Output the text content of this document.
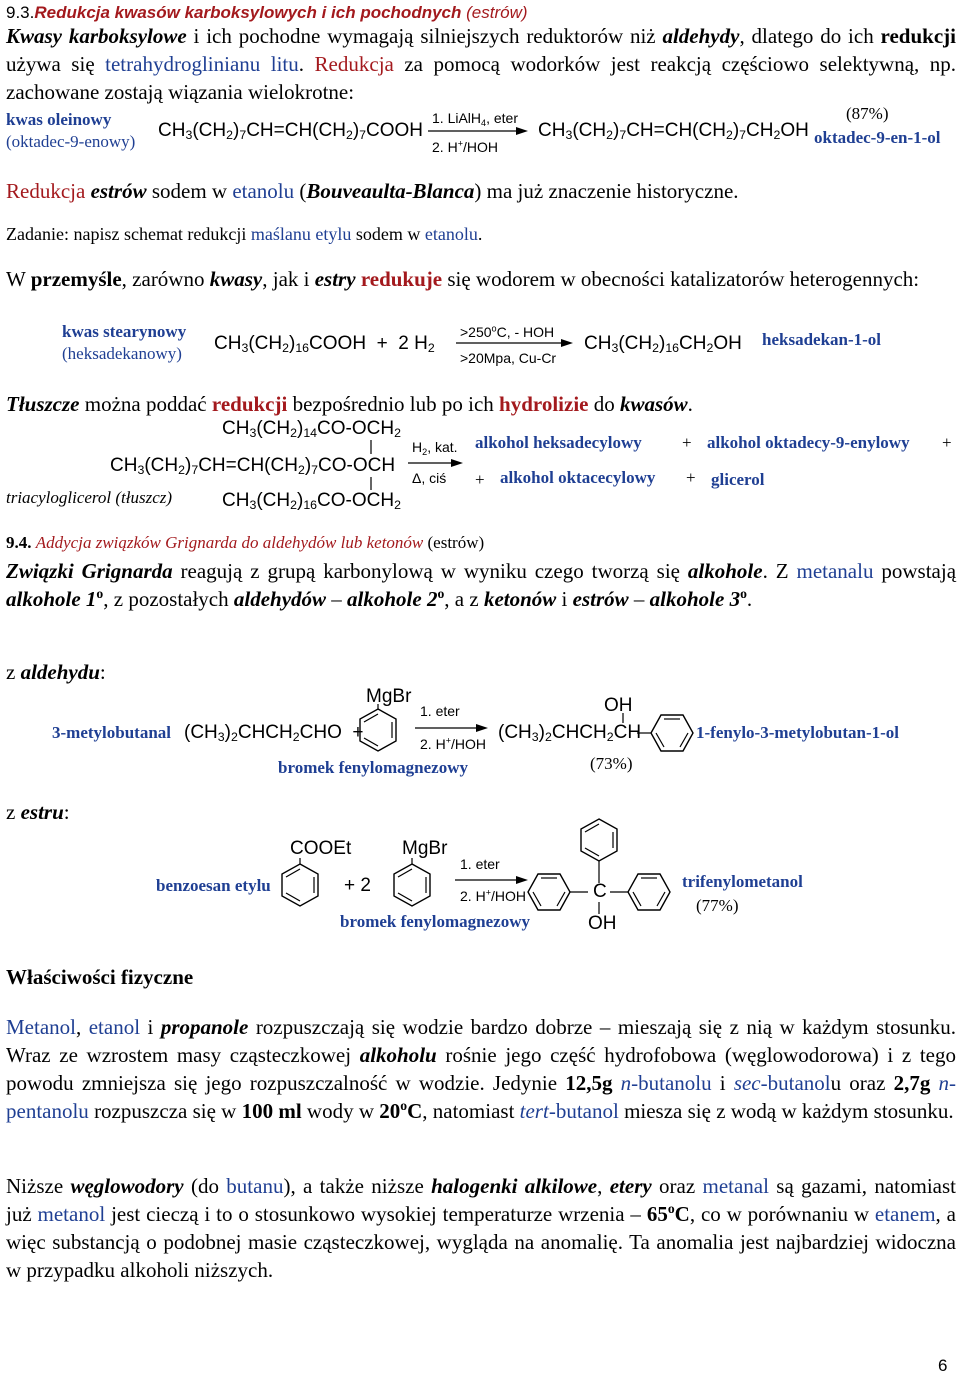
9.3.Redukcja kwasów karboksylowych i ich pochodnych (estrów)
Kwasy karboksylowe i ich pochodne wymagają silniejszych reduktorów niż aldehydy, dlatego do ich redukcji używa się tetrahydroglinianu litu. Redukcja za pomocą wodorków jest reakcją częściowo selektywną, np. zachowane zostają wiązania wielokrotne:
kwas oleinowy
(oktadec-9-enowy)
$CH_3(CH_2)_7CH=CH(CH_2)_7COOH$
1. LiAlH$_4$, eter
2. H+/HOH
$CH_3(CH_2)_7CH=CH(CH_2)_7CH_2OH$
(87%)
oktadec-9-en-1-ol
Redukcja estrów sodem w etanolu (Bouveaulta-Blanca) ma już znaczenie historyczne.
Zadanie: napisz schemat redukcji maślanu etylu sodem w etanolu.
W przemyśle, zarówno kwasy, jak i estry redukuje się wodorem w obecności katalizatorów heterogennych:
kwas stearynowy
(heksadekanowy) $CH_3(CH_2)_{16}COOH + 2$ $H_2$
$>250^oC$, - HOH
>20Mpa, Cu-Cr
$CH_3(CH_2)_{16}CH_2OH$ heksadekan-1-ol
Tłuszcze można poddać redukcji bezpośrednio lub po ich hydrolizie do kwasów.
$CH_3(CH_2)_{14}CO-OCH_2$
$CH_3(CH_2)_7CH=CH(CH_2)_7CO$-OCH
$CH_3(CH_2)_{16}CO-OCH_2$
triacyloglicerol (tłuszcz)
$H_2$, kat.
Δ, ciś
alkohol heksadecylowy + alkohol oktadecy-9-enylowy +
+ alkohol oktacecylowy + glicerol
9.4. Addycja związków Grignarda do aldehydów lub ketonów (estrów)
Związki Grignarda reagują z grupą karbonylową w wyniku czego tworzą się alkohole. Z metanalu powstają alkohole 1$^o$, z pozostałych aldehydów – alkohole 2$^o$, a z ketonów i estrów – alkohole 3$^o$.
z aldehydu:
3-metylobutanal $(CH_3)_2CHCH_2CHO$  +
MgBr
1. eter
2. H+/HOH
bromek fenylomagnezowy
OH
$(CH_3)_2CHCH_2CH$
(73%)
1-fenylo-3-metylobutan-1-ol
z estru:
benzoesan etylu
COOEt
+ 2
MgBr
1. eter
2. H+/HOH
bromek fenylomagnezowy
C
OH
trifenylometanol
(77%)
Właściwości fizyczne
Metanol, etanol i propanole rozpuszczają się wodzie bardzo dobrze – mieszają się z nią w każdym stosunku. Wraz ze wzrostem masy cząsteczkowej alkoholu rośnie jego część hydrofobowa (węglowodorowa) i z tego powodu zmniejsza się jego rozpuszczalność w wodzie. Jedynie 12,5g n-butanolu i sec-butanolu oraz 2,7g n-pentanolu rozpuszcza się w 100 ml wody w 20$^o$C, natomiast tert-butanol miesza się z wodą w każdym stosunku.
Niższe węglowodory (do butanu), a także niższe halogenki alkilowe, etery oraz metanal są gazami, natomiast już metanol jest cieczą i to o stosunkowo wysokiej temperaturze wrzenia – 65$^o$C, co w porównaniu w etanem, a więc substancją o podobnej masie cząsteczkowej, wygląda na anomalię. Ta anomalia jest najbardziej widoczna w przypadku alkoholi niższych.
6
